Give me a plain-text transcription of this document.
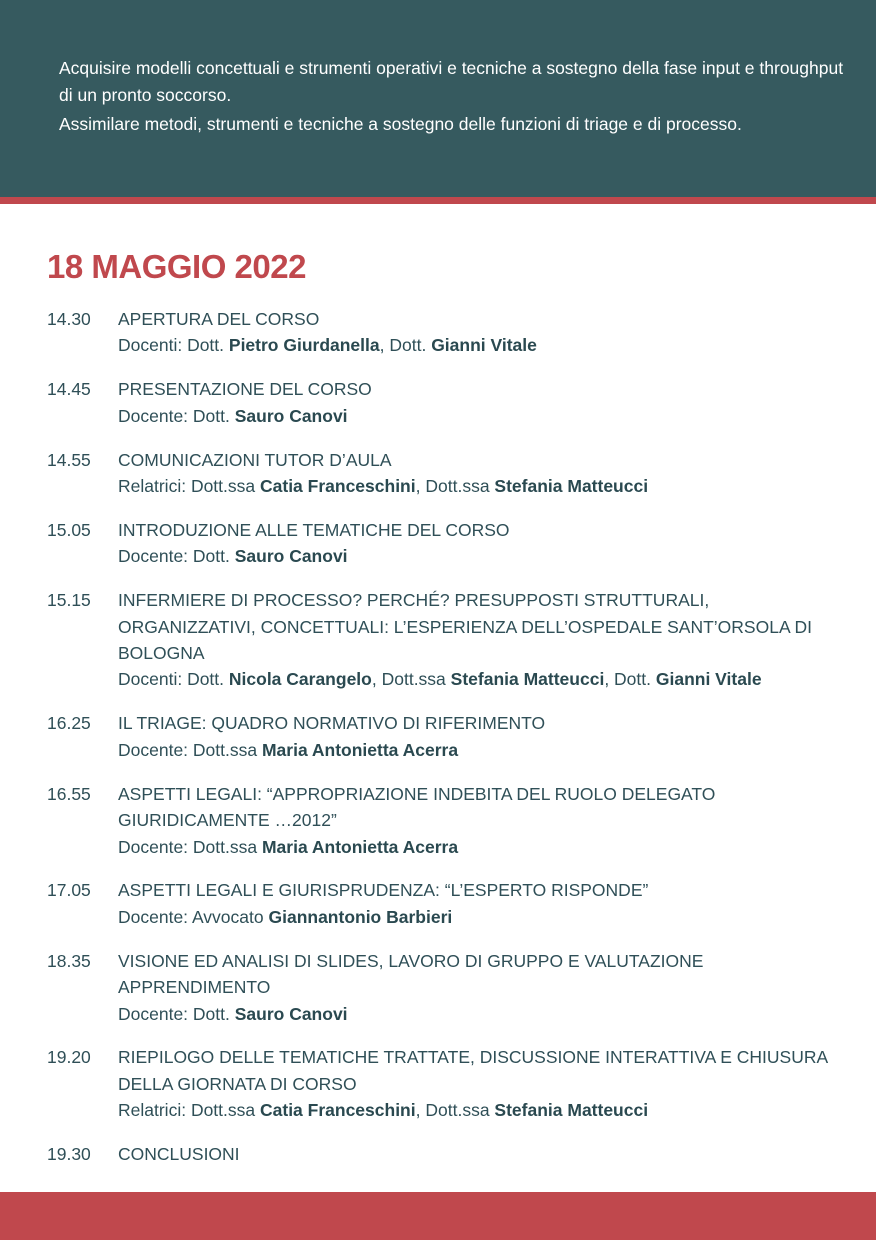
Acquisire modelli concettuali e strumenti operativi e tecniche a sostegno della fase input e throughput di un pronto soccorso.

Assimilare metodi, strumenti e tecniche a sostegno delle funzioni di triage e di processo.

18 MAGGIO 2022
14.30	APERTURA DEL CORSO
Docenti: Dott. Pietro Giurdanella, Dott. Gianni Vitale
14.45	PRESENTAZIONE DEL CORSO
Docente: Dott. Sauro Canovi
14.55	COMUNICAZIONI TUTOR D’AULA
Relatrici: Dott.ssa Catia Franceschini, Dott.ssa Stefania Matteucci
15.05	INTRODUZIONE ALLE TEMATICHE DEL CORSO
Docente: Dott. Sauro Canovi
15.15	INFERMIERE DI PROCESSO? PERCHÉ? PRESUPPOSTI STRUTTURALI, ORGANIZZATIVI, CONCETTUALI: L’ESPERIENZA DELL’OSPEDALE SANT’ORSOLA DI BOLOGNA
Docenti: Dott. Nicola Carangelo, Dott.ssa Stefania Matteucci, Dott. Gianni Vitale
16.25	IL TRIAGE: QUADRO NORMATIVO DI RIFERIMENTO
Docente: Dott.ssa Maria Antonietta Acerra
16.55	ASPETTI LEGALI: “APPROPRIAZIONE INDEBITA DEL RUOLO DELEGATO GIURIDICAMENTE …2012”
Docente: Dott.ssa Maria Antonietta Acerra
17.05	ASPETTI LEGALI E GIURISPRUDENZA: “L’ESPERTO RISPONDE”
Docente: Avvocato Giannantonio Barbieri
18.35	VISIONE ED ANALISI DI SLIDES, LAVORO DI GRUPPO E VALUTAZIONE APPRENDIMENTO
Docente: Dott. Sauro Canovi
19.20	RIEPILOGO DELLE TEMATICHE TRATTATE, DISCUSSIONE INTERATTIVA E CHIUSURA DELLA GIORNATA DI CORSO
Relatrici: Dott.ssa Catia Franceschini, Dott.ssa Stefania Matteucci
19.30	CONCLUSIONI
